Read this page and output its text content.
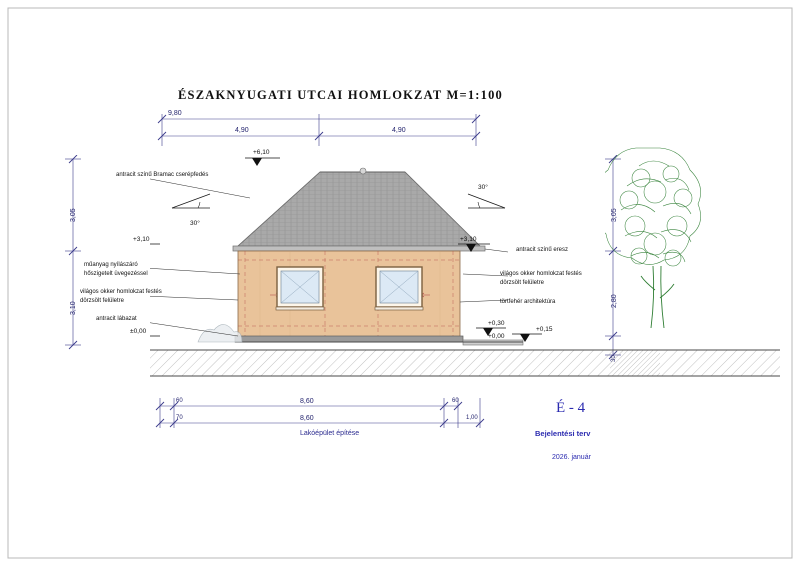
ÉSZAKNYUGATI UTCAI HOMLOKZAT M=1:100
9,80
4,90	4,90
3,05
3,10
3,05
2,80
+6,10
+3,10	+3,10
±0,00
+0,30
+0,00
+0,15
30°
30°
antracit színű Bramac cserépfedés
műanyag nyílászáró
hőszigetelt üvegezéssel
világos okker homlokzat festés
dörzsölt felületre
antracit lábazat
antracit színű eresz
világos okker homlokzat festés
dörzsölt felületre
törtfehér architektúra
60	8,60	60
70	8,60	1,00
Lakóépület építése
É - 4
Bejelentési terv
2026. január
